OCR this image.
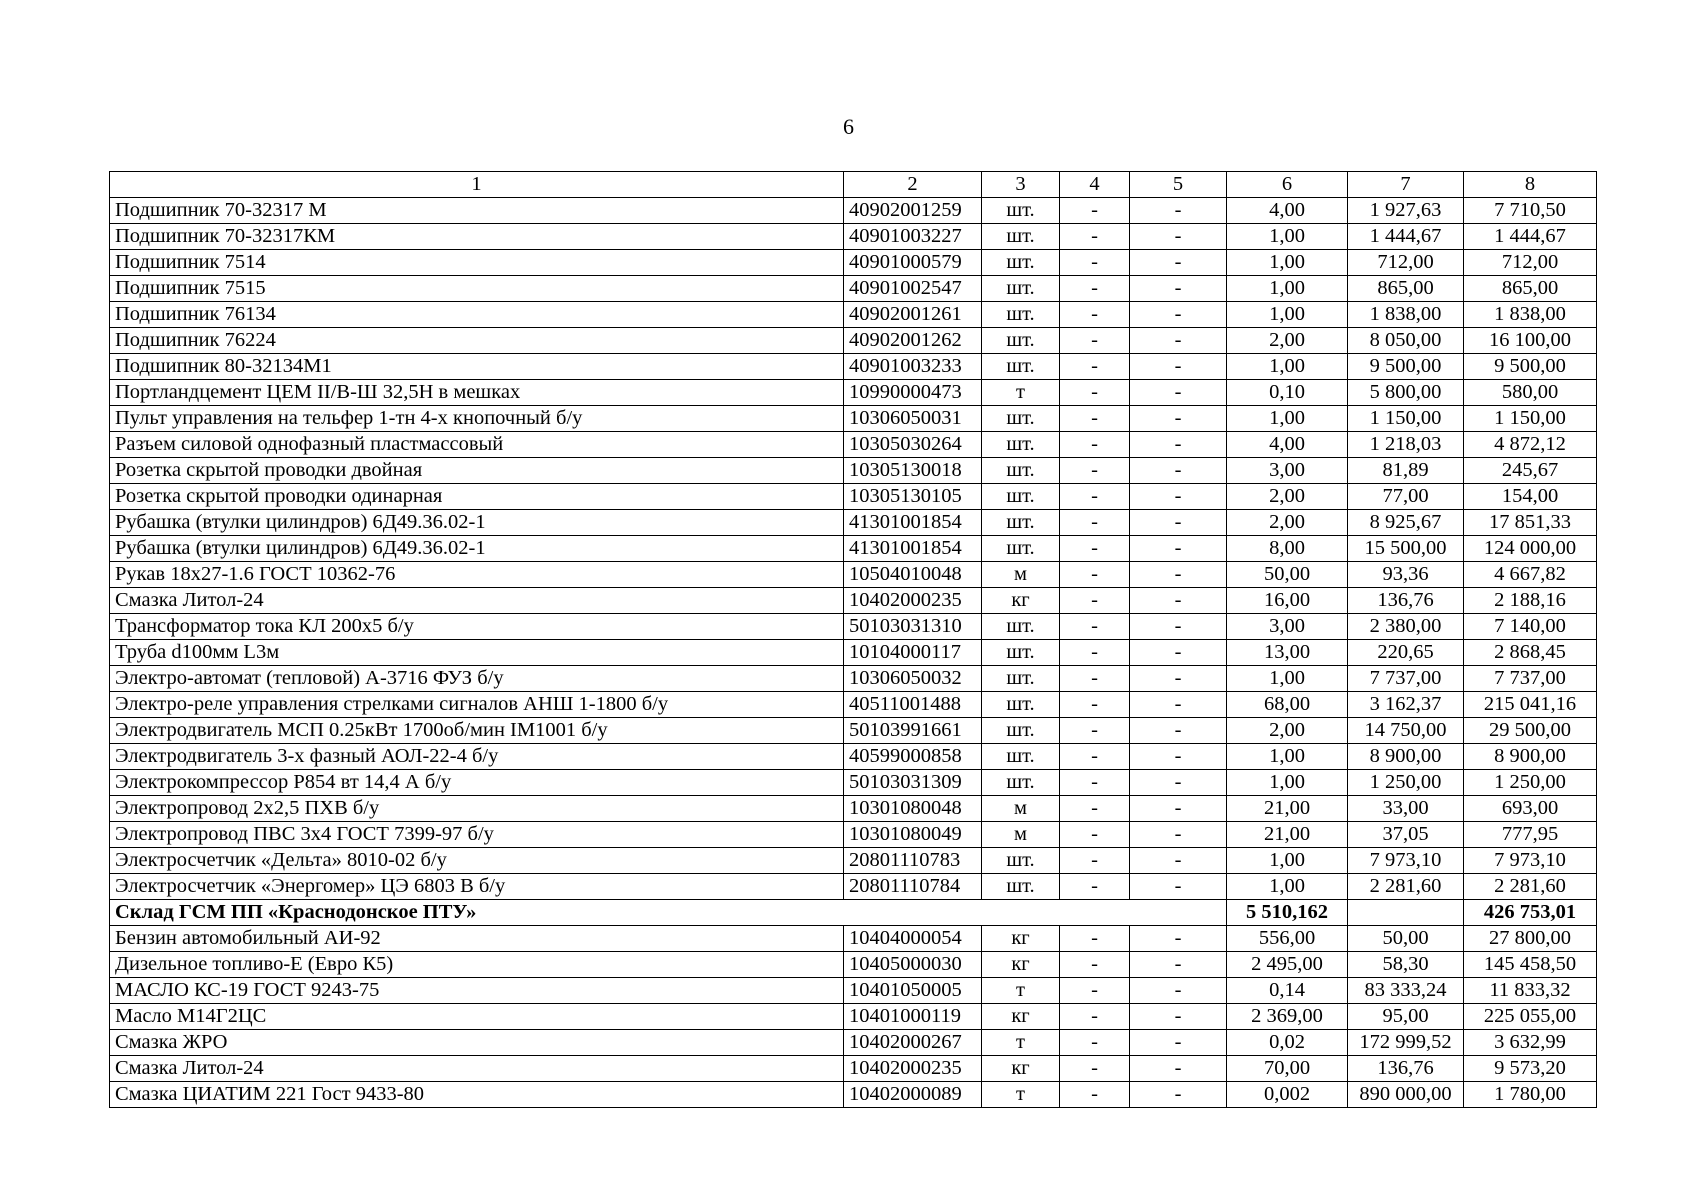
6
1	2	3	4	5	6	7	8
Подшипник 70-32317 М	40902001259	шт.	-	-	4,00	1 927,63	7 710,50
Подшипник 70-32317КМ	40901003227	шт.	-	-	1,00	1 444,67	1 444,67
Подшипник 7514	40901000579	шт.	-	-	1,00	712,00	712,00
Подшипник 7515	40901002547	шт.	-	-	1,00	865,00	865,00
Подшипник 76134	40902001261	шт.	-	-	1,00	1 838,00	1 838,00
Подшипник 76224	40902001262	шт.	-	-	2,00	8 050,00	16 100,00
Подшипник 80-32134М1	40901003233	шт.	-	-	1,00	9 500,00	9 500,00
Портландцемент ЦЕМ II/В-Ш 32,5Н в мешках	10990000473	т	-	-	0,10	5 800,00	580,00
Пульт управления на тельфер 1-тн 4-х кнопочный б/у	10306050031	шт.	-	-	1,00	1 150,00	1 150,00
Разъем силовой однофазный пластмассовый	10305030264	шт.	-	-	4,00	1 218,03	4 872,12
Розетка скрытой проводки двойная	10305130018	шт.	-	-	3,00	81,89	245,67
Розетка скрытой проводки одинарная	10305130105	шт.	-	-	2,00	77,00	154,00
Рубашка (втулки цилиндров) 6Д49.36.02-1	41301001854	шт.	-	-	2,00	8 925,67	17 851,33
Рубашка (втулки цилиндров) 6Д49.36.02-1	41301001854	шт.	-	-	8,00	15 500,00	124 000,00
Рукав 18х27-1.6 ГОСТ 10362-76	10504010048	м	-	-	50,00	93,36	4 667,82
Смазка Литол-24	10402000235	кг	-	-	16,00	136,76	2 188,16
Трансформатор тока КЛ 200х5 б/у	50103031310	шт.	-	-	3,00	2 380,00	7 140,00
Труба d100мм L3м	10104000117	шт.	-	-	13,00	220,65	2 868,45
Электро-автомат (тепловой) А-3716 ФУЗ б/у	10306050032	шт.	-	-	1,00	7 737,00	7 737,00
Электро-реле управления стрелками сигналов АНШ 1-1800 б/у	40511001488	шт.	-	-	68,00	3 162,37	215 041,16
Электродвигатель МСП 0.25кВт 1700об/мин IM1001 б/у	50103991661	шт.	-	-	2,00	14 750,00	29 500,00
Электродвигатель 3-х фазный АОЛ-22-4 б/у	40599000858	шт.	-	-	1,00	8 900,00	8 900,00
Электрокомпрессор Р854 вт 14,4 А б/у	50103031309	шт.	-	-	1,00	1 250,00	1 250,00
Электропровод 2х2,5 ПХВ б/у	10301080048	м	-	-	21,00	33,00	693,00
Электропровод ПВС 3х4 ГОСТ 7399-97 б/у	10301080049	м	-	-	21,00	37,05	777,95
Электросчетчик «Дельта» 8010-02 б/у	20801110783	шт.	-	-	1,00	7 973,10	7 973,10
Электросчетчик «Энергомер» ЦЭ 6803 В б/у	20801110784	шт.	-	-	1,00	2 281,60	2 281,60
Склад ГСМ ПП «Краснодонское ПТУ»					5 510,162		426 753,01
Бензин автомобильный АИ-92	10404000054	кг	-	-	556,00	50,00	27 800,00
Дизельное топливо-Е (Евро К5)	10405000030	кг	-	-	2 495,00	58,30	145 458,50
МАСЛО КС-19 ГОСТ 9243-75	10401050005	т	-	-	0,14	83 333,24	11 833,32
Масло М14Г2ЦС	10401000119	кг	-	-	2 369,00	95,00	225 055,00
Смазка ЖРО	10402000267	т	-	-	0,02	172 999,52	3 632,99
Смазка Литол-24	10402000235	кг	-	-	70,00	136,76	9 573,20
Смазка ЦИАТИМ 221 Гост 9433-80	10402000089	т	-	-	0,002	890 000,00	1 780,00
